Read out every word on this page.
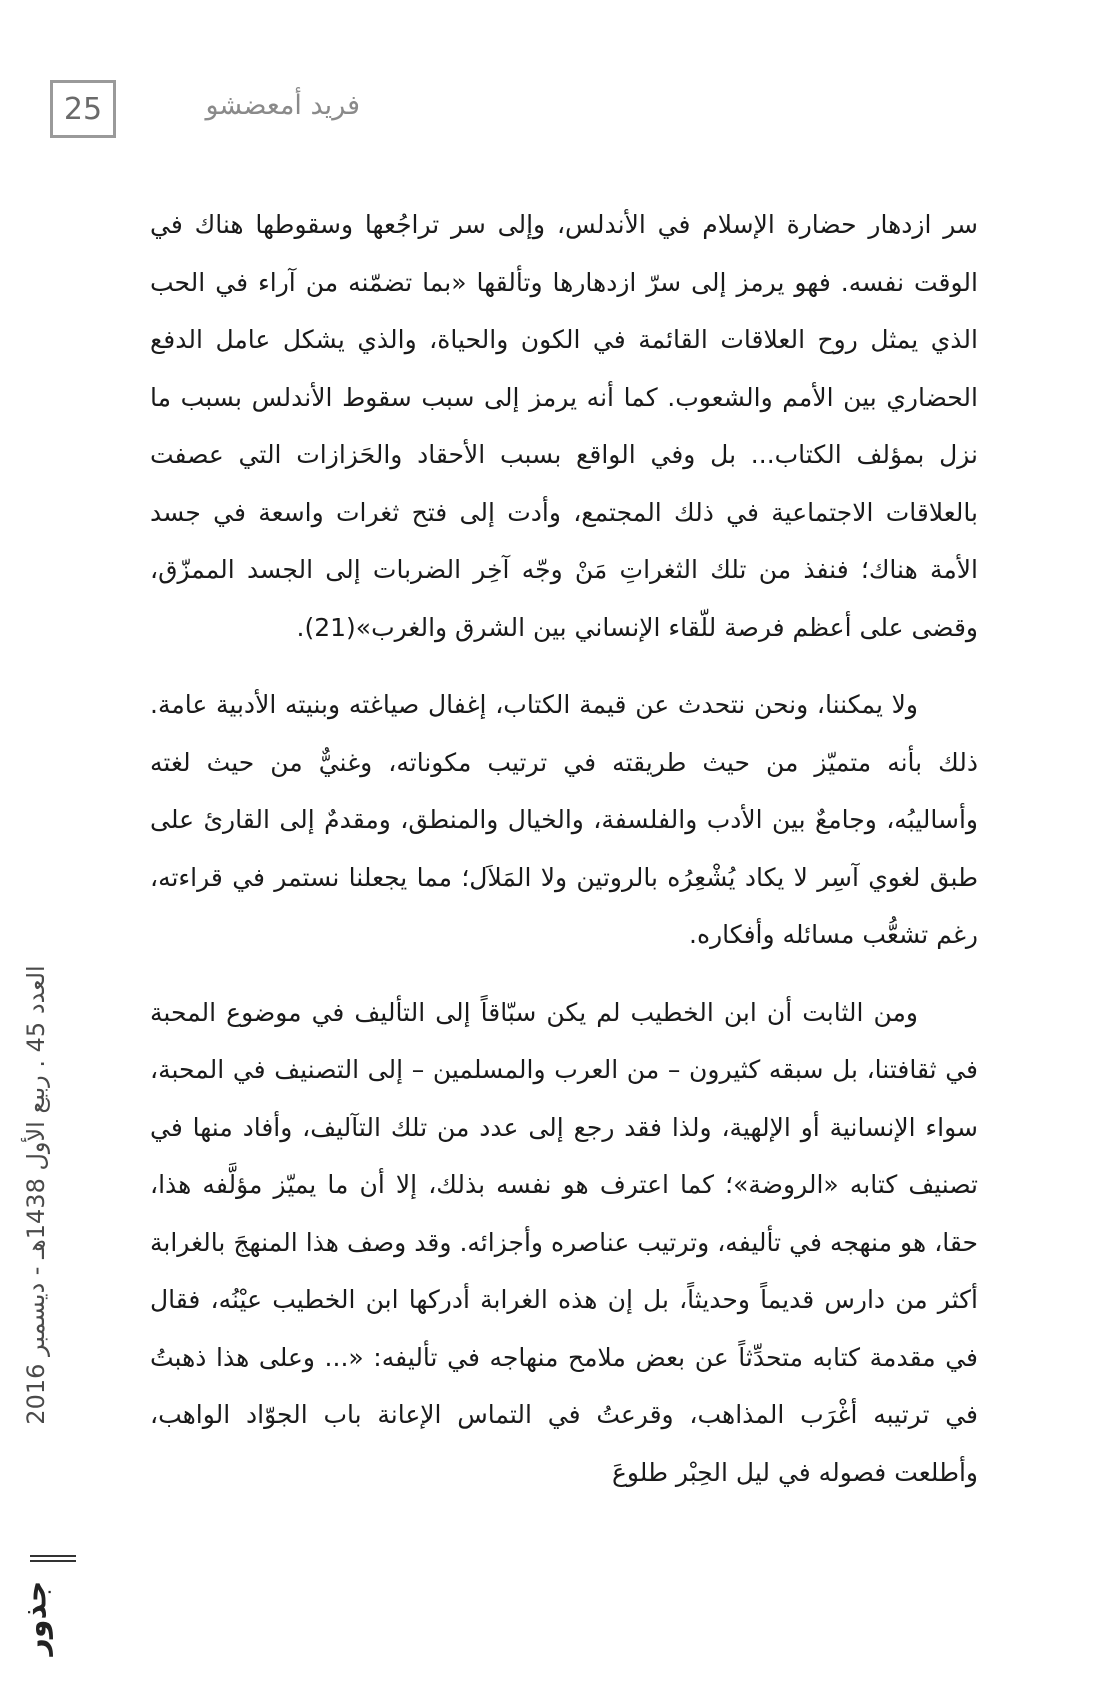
25	فريد أمعضشو

سر ازدهار حضارة الإسلام في الأندلس، وإلى سر تراجُعها وسقوطها هناك في الوقت نفسه. فهو يرمز إلى سرّ ازدهارها وتألقها «بما تضمّنه من آراء في الحب الذي يمثل روح العلاقات القائمة في الكون والحياة، والذي يشكل عامل الدفع الحضاري بين الأمم والشعوب. كما أنه يرمز إلى سبب سقوط الأندلس بسبب ما نزل بمؤلف الكتاب... بل وفي الواقع بسبب الأحقاد والحَزازات التي عصفت بالعلاقات الاجتماعية في ذلك المجتمع، وأدت إلى فتح ثغرات واسعة في جسد الأمة هناك؛ فنفذ من تلك الثغراتِ مَنْ وجّه آخِر الضربات إلى الجسد الممزّق، وقضى على أعظم فرصة للّقاء الإنساني بين الشرق والغرب»(21).

ولا يمكننا، ونحن نتحدث عن قيمة الكتاب، إغفال صياغته وبنيته الأدبية عامة. ذلك بأنه متميّز من حيث طريقته في ترتيب مكوناته، وغنيٌّ من حيث لغته وأساليبُه، وجامعٌ بين الأدب والفلسفة، والخيال والمنطق، ومقدمٌ إلى القارئ على طبق لغوي آسِر لا يكاد يُشْعِرُه بالروتين ولا المَلاَل؛ مما يجعلنا نستمر في قراءته، رغم تشعُّب مسائله وأفكاره.

ومن الثابت أن ابن الخطيب لم يكن سبّاقاً إلى التأليف في موضوع المحبة في ثقافتنا، بل سبقه كثيرون – من العرب والمسلمين – إلى التصنيف في المحبة، سواء الإنسانية أو الإلهية، ولذا فقد رجع إلى عدد من تلك التآليف، وأفاد منها في تصنيف كتابه «الروضة»؛ كما اعترف هو نفسه بذلك، إلا أن ما يميّز مؤلَّفه هذا، حقا، هو منهجه في تأليفه، وترتيب عناصره وأجزائه. وقد وصف هذا المنهجَ بالغرابة أكثر من دارس قديماً وحديثاً، بل إن هذه الغرابة أدركها ابن الخطيب عيْنُه، فقال في مقدمة كتابه متحدِّثاً عن بعض ملامح منهاجه في تأليفه: «... وعلى هذا ذهبتُ في ترتيبه أغْرَب المذاهب، وقرعتُ في التماس الإعانة باب الجوّاد الواهب، وأطلعت فصوله في ليل الحِبْر طلوعَ

العدد 45 . ربيع الأول 1438هـ - ديسمبر 2016
جذور
